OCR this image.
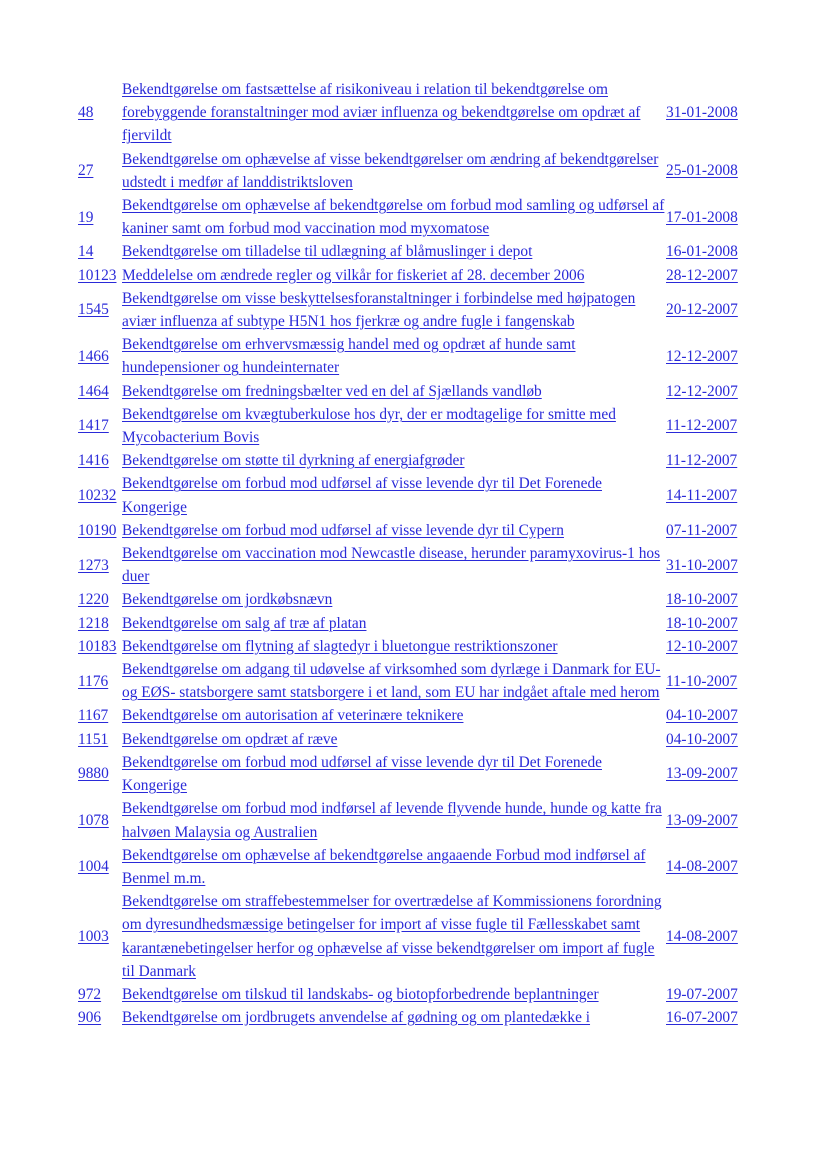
48	Bekendtgørelse om fastsættelse af risikoniveau i relation til bekendtgørelse om forebyggende foranstaltninger mod aviær influenza og bekendtgørelse om opdræt af fjervildt	31-01-2008
27	Bekendtgørelse om ophævelse af visse bekendtgørelser om ændring af bekendtgørelser udstedt i medfør af landdistriktsloven	25-01-2008
19	Bekendtgørelse om ophævelse af bekendtgørelse om forbud mod samling og udførsel af kaniner samt om forbud mod vaccination mod myxomatose	17-01-2008
14	Bekendtgørelse om tilladelse til udlægning af blåmuslinger i depot	16-01-2008
10123	Meddelelse om ændrede regler og vilkår for fiskeriet af 28. december 2006	28-12-2007
1545	Bekendtgørelse om visse beskyttelsesforanstaltninger i forbindelse med højpatogen aviær influenza af subtype H5N1 hos fjerkræ og andre fugle i fangenskab	20-12-2007
1466	Bekendtgørelse om erhvervsmæssig handel med og opdræt af hunde samt hundepensioner og hundeinternater	12-12-2007
1464	Bekendtgørelse om fredningsbælter ved en del af Sjællands vandløb	12-12-2007
1417	Bekendtgørelse om kvægtuberkulose hos dyr, der er modtagelige for smitte med Mycobacterium Bovis	11-12-2007
1416	Bekendtgørelse om støtte til dyrkning af energiafgrøder	11-12-2007
10232	Bekendtgørelse om forbud mod udførsel af visse levende dyr til Det Forenede Kongerige	14-11-2007
10190	Bekendtgørelse om forbud mod udførsel af visse levende dyr til Cypern	07-11-2007
1273	Bekendtgørelse om vaccination mod Newcastle disease, herunder paramyxovirus-1 hos duer	31-10-2007
1220	Bekendtgørelse om jordkøbsnævn	18-10-2007
1218	Bekendtgørelse om salg af træ af platan	18-10-2007
10183	Bekendtgørelse om flytning af slagtedyr i bluetongue restriktionszoner	12-10-2007
1176	Bekendtgørelse om adgang til udøvelse af virksomhed som dyrlæge i Danmark for EU- og EØS- statsborgere samt statsborgere i et land, som EU har indgået aftale med herom	11-10-2007
1167	Bekendtgørelse om autorisation af veterinære teknikere	04-10-2007
1151	Bekendtgørelse om opdræt af ræve	04-10-2007
9880	Bekendtgørelse om forbud mod udførsel af visse levende dyr til Det Forenede Kongerige	13-09-2007
1078	Bekendtgørelse om forbud mod indførsel af levende flyvende hunde, hunde og katte fra halvøen Malaysia og Australien	13-09-2007
1004	Bekendtgørelse om ophævelse af bekendtgørelse angaaende Forbud mod indførsel af Benmel m.m.	14-08-2007
1003	Bekendtgørelse om straffebestemmelser for overtrædelse af Kommissionens forordning om dyresundhedsmæssige betingelser for import af visse fugle til Fællesskabet samt karantænebetingelser herfor og ophævelse af visse bekendtgørelser om import af fugle til Danmark	14-08-2007
972	Bekendtgørelse om tilskud til landskabs- og biotopforbedrende beplantninger	19-07-2007
906	Bekendtgørelse om jordbrugets anvendelse af gødning og om plantedække i	16-07-2007
